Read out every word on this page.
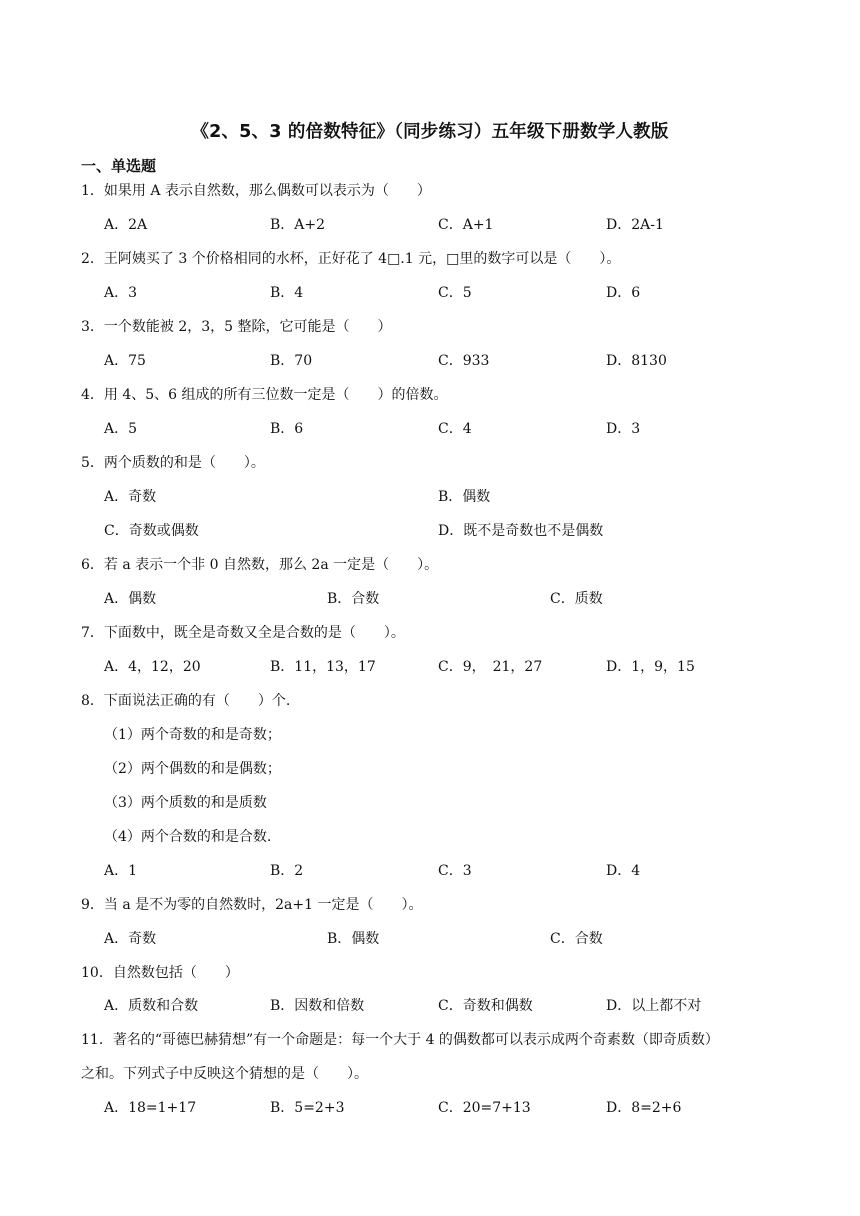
《2、5、3 的倍数特征》（同步练习）五年级下册数学人教版
一、单选题
1．如果用 A 表示自然数，那么偶数可以表示为（　　）
A．2A	B．A+2	C．A+1	D．2A-1
2．王阿姨买了 3 个价格相同的水杯，正好花了 4□.1 元，□里的数字可以是（　　）。
A．3	B．4	C．5	D．6
3．一个数能被 2，3，5 整除，它可能是（　　）
A．75	B．70	C．933	D．8130
4．用 4、5、6 组成的所有三位数一定是（　　）的倍数。
A．5	B．6	C．4	D．3
5．两个质数的和是（　　）。
A．奇数	B．偶数
C．奇数或偶数	D．既不是奇数也不是偶数
6．若 a 表示一个非 0 自然数，那么 2a 一定是（　　）。
A．偶数	B．合数	C．质数
7．下面数中，既全是奇数又全是合数的是（　　）。
A．4，12，20	B．11，13，17	C．9，　21，27	D．1，9，15
8．下面说法正确的有（　　）个.
（1）两个奇数的和是奇数；
（2）两个偶数的和是偶数；
（3）两个质数的和是质数
（4）两个合数的和是合数.
A．1	B．2	C．3	D．4
9．当 a 是不为零的自然数时，2a+1 一定是（　　）。
A．奇数	B．偶数	C．合数
10．自然数包括（　　）
A．质数和合数	B．因数和倍数	C．奇数和偶数	D．以上都不对
11．著名的“哥德巴赫猜想”有一个命题是：每一个大于 4 的偶数都可以表示成两个奇素数（即奇质数）
之和。下列式子中反映这个猜想的是（　　）。
A．18=1+17	B．5=2+3	C．20=7+13	D．8=2+6
